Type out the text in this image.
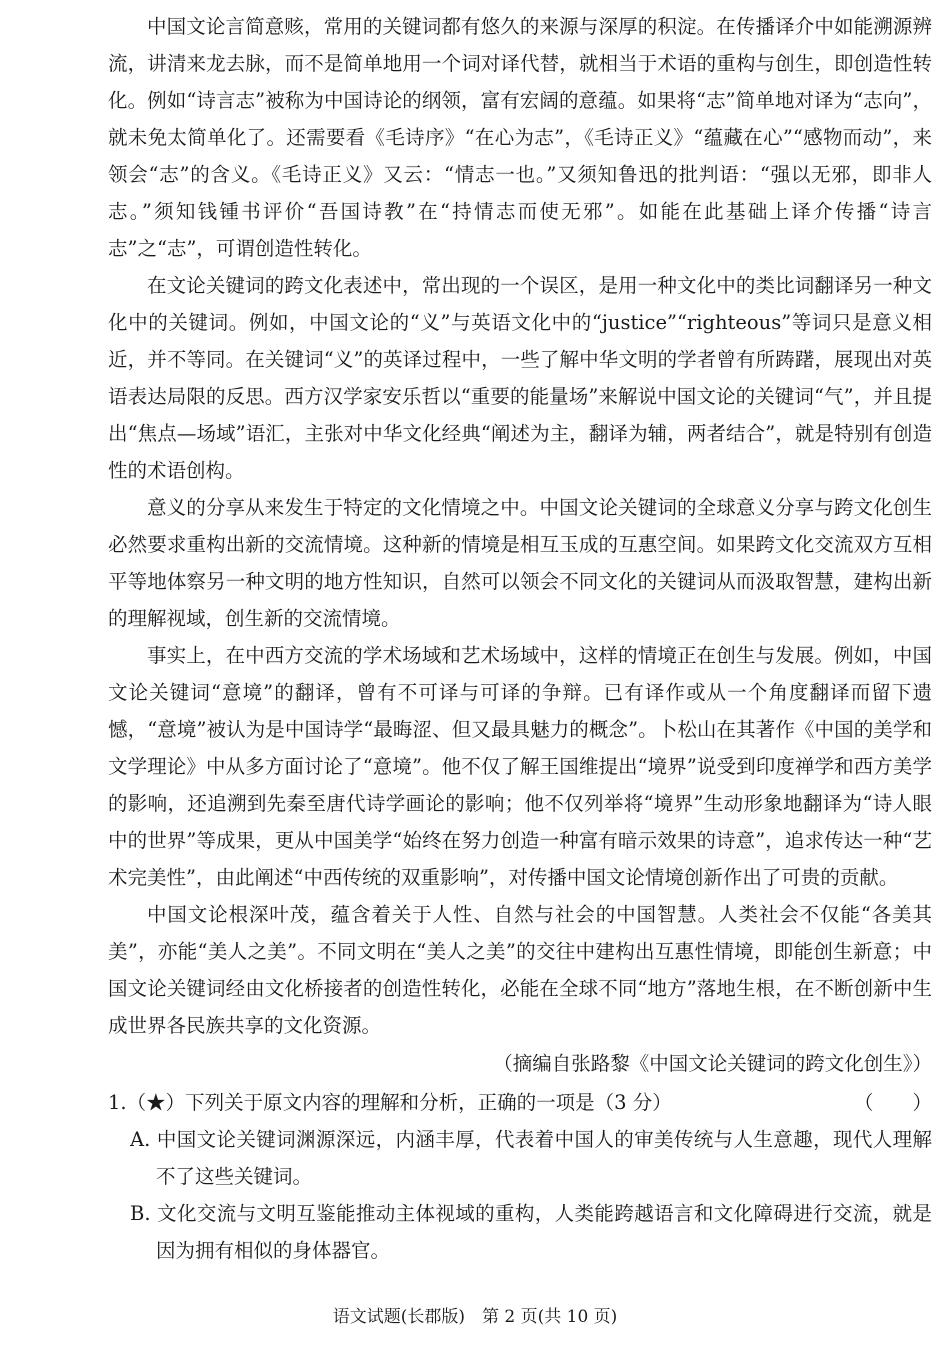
中国文论言简意赅，常用的关键词都有悠久的来源与深厚的积淀。在传播译介中如能溯源辨流，讲清来龙去脉，而不是简单地用一个词对译代替，就相当于术语的重构与创生，即创造性转化。例如“诗言志”被称为中国诗论的纲领，富有宏阔的意蕴。如果将“志”简单地对译为“志向”，就未免太简单化了。还需要看《毛诗序》“在心为志”，《毛诗正义》“蕴藏在心”“感物而动”，来领会“志”的含义。《毛诗正义》又云：“情志一也。”又须知鲁迅的批判语：“强以无邪，即非人志。”须知钱锺书评价“吾国诗教”在“持情志而使无邪”。如能在此基础上译介传播“诗言志”之“志”，可谓创造性转化。

在文论关键词的跨文化表述中，常出现的一个误区，是用一种文化中的类比词翻译另一种文化中的关键词。例如，中国文论的“义”与英语文化中的“justice”“righteous”等词只是意义相近，并不等同。在关键词“义”的英译过程中，一些了解中华文明的学者曾有所踌躇，展现出对英语表达局限的反思。西方汉学家安乐哲以“重要的能量场”来解说中国文论的关键词“气”，并且提出“焦点—场域”语汇，主张对中华文化经典“阐述为主，翻译为辅，两者结合”，就是特别有创造性的术语创构。

意义的分享从来发生于特定的文化情境之中。中国文论关键词的全球意义分享与跨文化创生必然要求重构出新的交流情境。这种新的情境是相互玉成的互惠空间。如果跨文化交流双方互相平等地体察另一种文明的地方性知识，自然可以领会不同文化的关键词从而汲取智慧，建构出新的理解视域，创生新的交流情境。

事实上，在中西方交流的学术场域和艺术场域中，这样的情境正在创生与发展。例如，中国文论关键词“意境”的翻译，曾有不可译与可译的争辩。已有译作或从一个角度翻译而留下遗憾，“意境”被认为是中国诗学“最晦涩、但又最具魅力的概念”。卜松山在其著作《中国的美学和文学理论》中从多方面讨论了“意境”。他不仅了解王国维提出“境界”说受到印度禅学和西方美学的影响，还追溯到先秦至唐代诗学画论的影响；他不仅列举将“境界”生动形象地翻译为“诗人眼中的世界”等成果，更从中国美学“始终在努力创造一种富有暗示效果的诗意”，追求传达一种“艺术完美性”，由此阐述“中西传统的双重影响”，对传播中国文论情境创新作出了可贵的贡献。

中国文论根深叶茂，蕴含着关于人性、自然与社会的中国智慧。人类社会不仅能“各美其美”，亦能“美人之美”。不同文明在“美人之美”的交往中建构出互惠性情境，即能创生新意；中国文论关键词经由文化桥接者的创造性转化，必能在全球不同“地方”落地生根，在不断创新中生成世界各民族共享的文化资源。

（摘编自张路黎《中国文论关键词的跨文化创生》）

1.（★）下列关于原文内容的理解和分析，正确的一项是（3 分）	（　　）

A. 中国文论关键词渊源深远，内涵丰厚，代表着中国人的审美传统与人生意趣，现代人理解不了这些关键词。

B. 文化交流与文明互鉴能推动主体视域的重构，人类能跨越语言和文化障碍进行交流，就是因为拥有相似的身体器官。

语文试题(长郡版)　第 2 页(共 10 页)
